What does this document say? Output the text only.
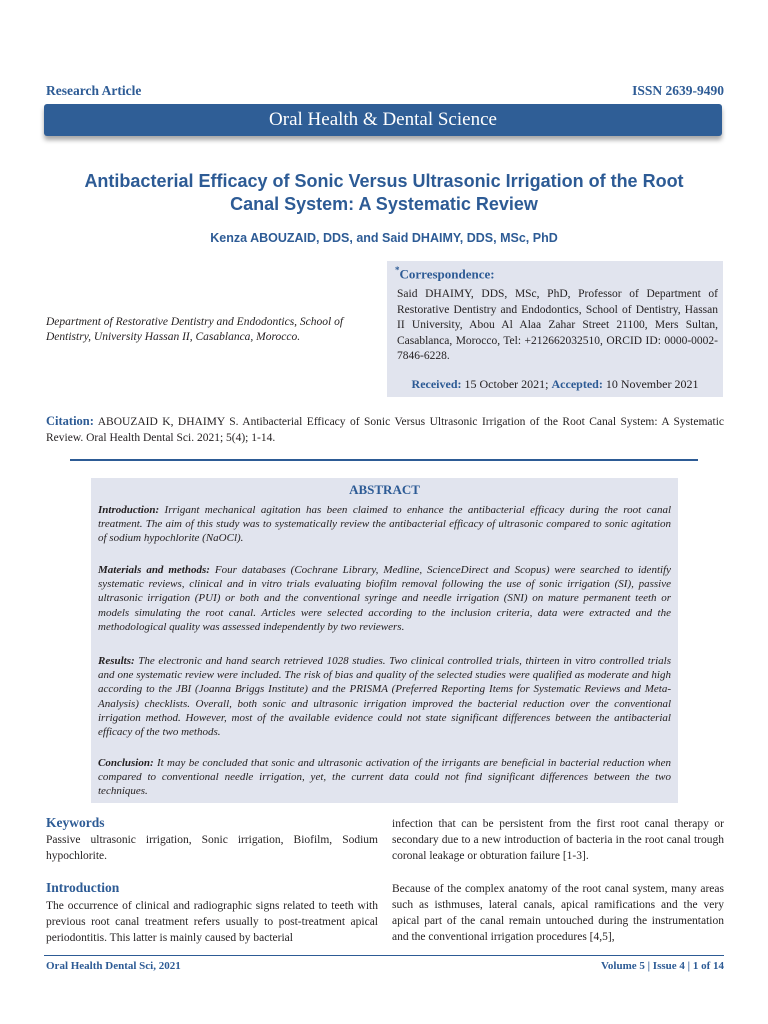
Research Article	ISSN 2639-9490
Oral Health & Dental Science
Antibacterial Efficacy of Sonic Versus Ultrasonic Irrigation of the Root Canal System: A Systematic Review
Kenza ABOUZAID, DDS, and Said DHAIMY, DDS, MSc, PhD
Department of Restorative Dentistry and Endodontics, School of Dentistry, University Hassan II, Casablanca, Morocco.
*Correspondence:
Said DHAIMY, DDS, MSc, PhD, Professor of Department of Restorative Dentistry and Endodontics, School of Dentistry, Hassan II University, Abou Al Alaa Zahar Street 21100, Mers Sultan, Casablanca, Morocco, Tel: +212662032510, ORCID ID: 0000-0002-7846-6228.
Received: 15 October 2021; Accepted: 10 November 2021
Citation: ABOUZAID K, DHAIMY S. Antibacterial Efficacy of Sonic Versus Ultrasonic Irrigation of the Root Canal System: A Systematic Review. Oral Health Dental Sci. 2021; 5(4); 1-14.
ABSTRACT
Introduction: Irrigant mechanical agitation has been claimed to enhance the antibacterial efficacy during the root canal treatment. The aim of this study was to systematically review the antibacterial efficacy of ultrasonic compared to sonic agitation of sodium hypochlorite (NaOCl).
Materials and methods: Four databases (Cochrane Library, Medline, ScienceDirect and Scopus) were searched to identify systematic reviews, clinical and in vitro trials evaluating biofilm removal following the use of sonic irrigation (SI), passive ultrasonic irrigation (PUI) or both and the conventional syringe and needle irrigation (SNI) on mature permanent teeth or models simulating the root canal. Articles were selected according to the inclusion criteria, data were extracted and the methodological quality was assessed independently by two reviewers.
Results: The electronic and hand search retrieved 1028 studies. Two clinical controlled trials, thirteen in vitro controlled trials and one systematic review were included. The risk of bias and quality of the selected studies were qualified as moderate and high according to the JBI (Joanna Briggs Institute) and the PRISMA (Preferred Reporting Items for Systematic Reviews and Meta-Analysis) checklists. Overall, both sonic and ultrasonic irrigation improved the bacterial reduction over the conventional irrigation method. However, most of the available evidence could not state significant differences between the antibacterial efficacy of the two methods.
Conclusion: It may be concluded that sonic and ultrasonic activation of the irrigants are beneficial in bacterial reduction when compared to conventional needle irrigation, yet, the current data could not find significant differences between the two techniques.
Keywords
Passive ultrasonic irrigation, Sonic irrigation, Biofilm, Sodium hypochlorite.
Introduction
The occurrence of clinical and radiographic signs related to teeth with previous root canal treatment refers usually to post-treatment apical periodontitis. This latter is mainly caused by bacterial
infection that can be persistent from the first root canal therapy or secondary due to a new introduction of bacteria in the root canal trough coronal leakage or obturation failure [1-3].
Because of the complex anatomy of the root canal system, many areas such as isthmuses, lateral canals, apical ramifications and the very apical part of the canal remain untouched during the instrumentation and the conventional irrigation procedures [4,5],
Oral Health Dental Sci, 2021	Volume 5 | Issue 4 | 1 of 14
